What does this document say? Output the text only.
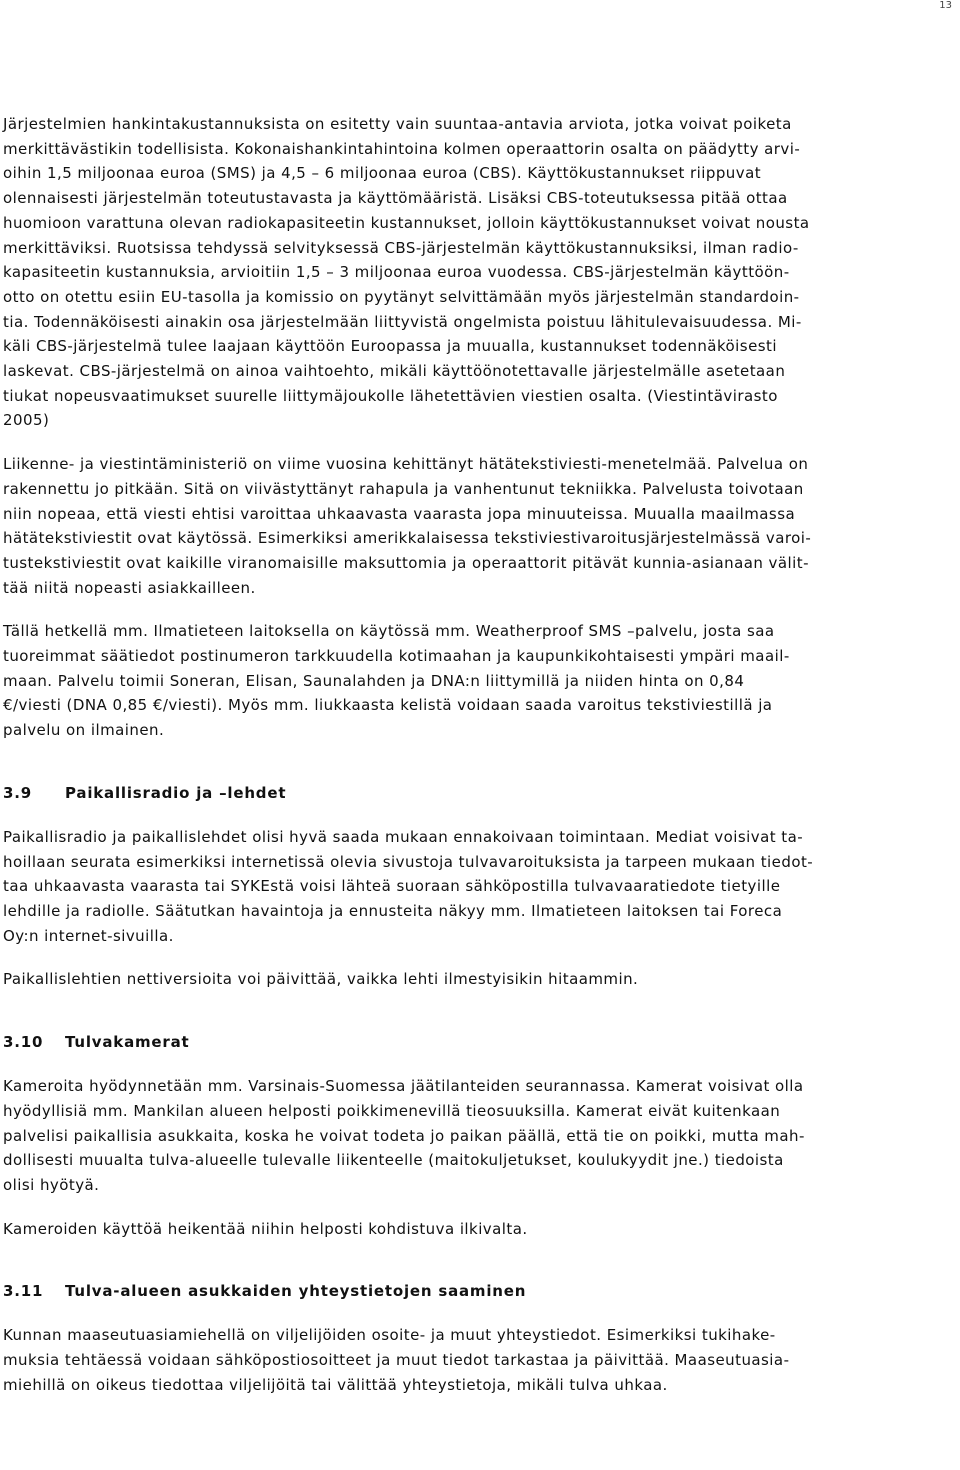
13

Järjestelmien hankintakustannuksista on esitetty vain suuntaa-antavia arviota, jotka voivat poiketa
merkittävästikin todellisista. Kokonaishankintahintoina kolmen operaattorin osalta on päädytty arvi-
oihin 1,5 miljoonaa euroa (SMS) ja 4,5 – 6 miljoonaa euroa (CBS). Käyttökustannukset riippuvat
olennaisesti järjestelmän toteutustavasta ja käyttömääristä. Lisäksi CBS-toteutuksessa pitää ottaa
huomioon varattuna olevan radiokapasiteetin kustannukset, jolloin käyttökustannukset voivat nousta
merkittäviksi. Ruotsissa tehdyssä selvityksessä CBS-järjestelmän käyttökustannuksiksi, ilman radio-
kapasiteetin kustannuksia, arvioitiin 1,5 – 3 miljoonaa euroa vuodessa. CBS-järjestelmän käyttöön-
otto on otettu esiin EU-tasolla ja komissio on pyytänyt selvittämään myös järjestelmän standardoin-
tia. Todennäköisesti ainakin osa järjestelmään liittyvistä ongelmista poistuu lähitulevaisuudessa. Mi-
käli CBS-järjestelmä tulee laajaan käyttöön Euroopassa ja muualla, kustannukset todennäköisesti
laskevat. CBS-järjestelmä on ainoa vaihtoehto, mikäli käyttöönotettavalle järjestelmälle asetetaan
tiukat nopeusvaatimukset suurelle liittymäjoukolle lähetettävien viestien osalta. (Viestintävirasto
2005)

Liikenne- ja viestintäministeriö on viime vuosina kehittänyt hätätekstiviesti-menetelmää. Palvelua on
rakennettu jo pitkään. Sitä on viivästyttänyt rahapula ja vanhentunut tekniikka. Palvelusta toivotaan
niin nopeaa, että viesti ehtisi varoittaa uhkaavasta vaarasta jopa minuuteissa. Muualla maailmassa
hätätekstiviestit ovat käytössä. Esimerkiksi amerikkalaisessa tekstiviestivaroitusjärjestelmässä varoi-
tustekstiviestit ovat kaikille viranomaisille maksuttomia ja operaattorit pitävät kunnia-asianaan välit-
tää niitä nopeasti asiakkailleen.

Tällä hetkellä mm. Ilmatieteen laitoksella on käytössä mm. Weatherproof SMS –palvelu, josta saa
tuoreimmat säätiedot postinumeron tarkkuudella kotimaahan ja kaupunkikohtaisesti ympäri maail-
maan. Palvelu toimii Soneran, Elisan, Saunalahden ja DNA:n liittymillä ja niiden hinta on 0,84
€/viesti (DNA 0,85 €/viesti). Myös mm. liukkaasta kelistä voidaan saada varoitus tekstiviestillä ja
palvelu on ilmainen.

3.9 Paikallisradio ja –lehdet

Paikallisradio ja paikallislehdet olisi hyvä saada mukaan ennakoivaan toimintaan. Mediat voisivat ta-
hoillaan seurata esimerkiksi internetissä olevia sivustoja tulvavaroituksista ja tarpeen mukaan tiedot-
taa uhkaavasta vaarasta tai SYKEstä voisi lähteä suoraan sähköpostilla tulvavaaratiedote tietyille
lehdille ja radiolle. Säätutkan havaintoja ja ennusteita näkyy mm. Ilmatieteen laitoksen tai Foreca
Oy:n internet-sivuilla.

Paikallislehtien nettiversioita voi päivittää, vaikka lehti ilmestyisikin hitaammin.

3.10 Tulvakamerat

Kameroita hyödynnetään mm. Varsinais-Suomessa jäätilanteiden seurannassa. Kamerat voisivat olla
hyödyllisiä mm. Mankilan alueen helposti poikkimenevillä tieosuuksilla. Kamerat eivät kuitenkaan
palvelisi paikallisia asukkaita, koska he voivat todeta jo paikan päällä, että tie on poikki, mutta mah-
dollisesti muualta tulva-alueelle tulevalle liikenteelle (maitokuljetukset, koulukyydit jne.) tiedoista
olisi hyötyä.

Kameroiden käyttöä heikentää niihin helposti kohdistuva ilkivalta.

3.11 Tulva-alueen asukkaiden yhteystietojen saaminen

Kunnan maaseutuasiamiehellä on viljelijöiden osoite- ja muut yhteystiedot. Esimerkiksi tukihake-
muksia tehtäessä voidaan sähköpostiosoitteet ja muut tiedot tarkastaa ja päivittää. Maaseutuasia-
miehillä on oikeus tiedottaa viljelijöitä tai välittää yhteystietoja, mikäli tulva uhkaa.
